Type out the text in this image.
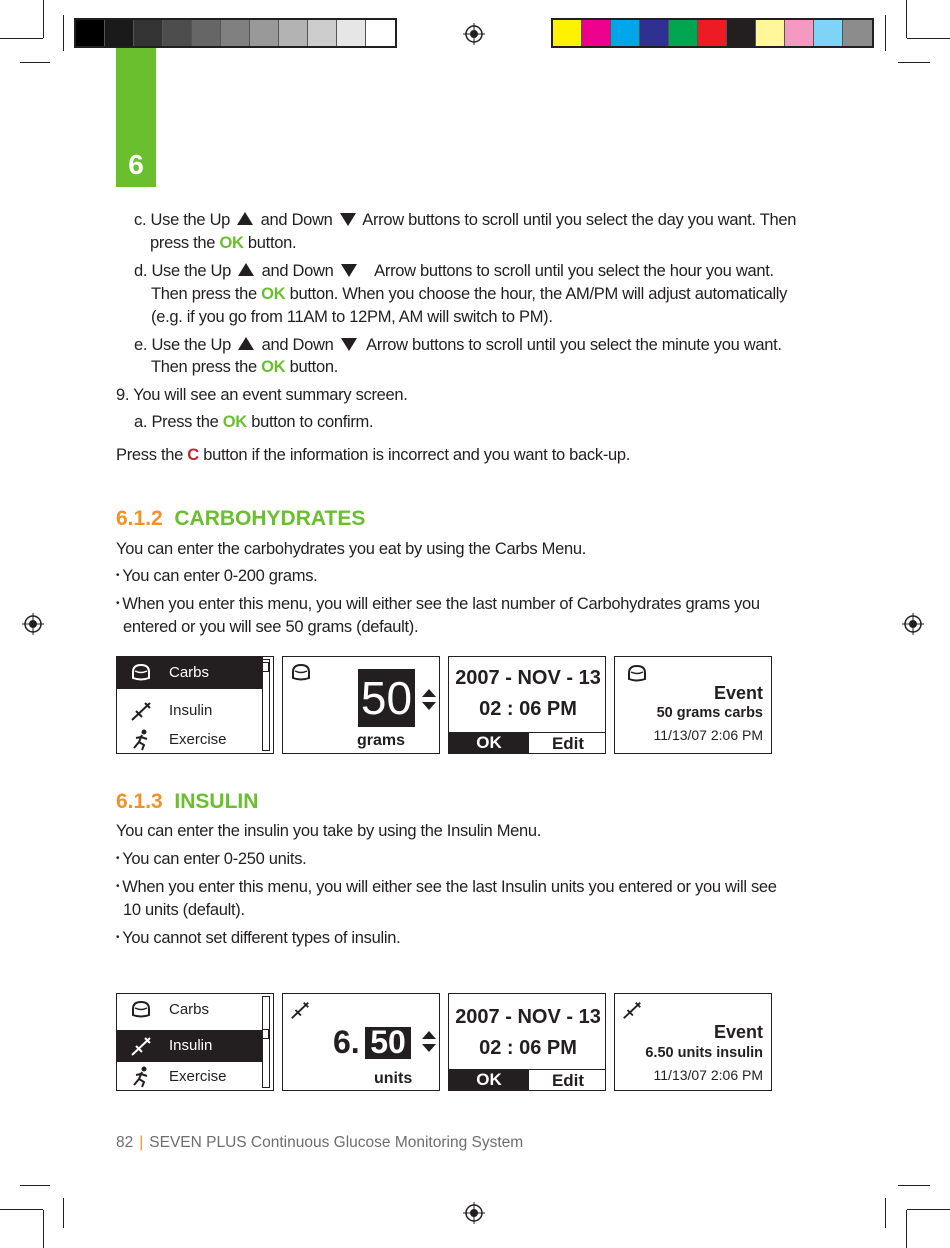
6
c. Use the Up and Down Arrow buttons to scroll until you select the day you want. Then
press the OK button.
d. Use the Up and Down Arrow buttons to scroll until you select the hour you want.
Then press the OK button. When you choose the hour, the AM/PM will adjust automatically
(e.g. if you go from 11AM to 12PM, AM will switch to PM).
e. Use the Up and Down Arrow buttons to scroll until you select the minute you want.
Then press the OK button.
9. You will see an event summary screen.
a. Press the OK button to confirm.
Press the C button if the information is incorrect and you want to back-up.
6.1.2 CARBOHYDRATES
You can enter the carbohydrates you eat by using the Carbs Menu.
• You can enter 0-200 grams.
• When you enter this menu, you will either see the last number of Carbohydrates grams you
entered or you will see 50 grams (default).
Carbs
Insulin
Exercise
50
grams
2007 - NOV - 13
02 : 06 PM
OK	Edit
Event
50 grams carbs
11/13/07 2:06 PM
6.1.3 INSULIN
You can enter the insulin you take by using the Insulin Menu.
• You can enter 0-250 units.
• When you enter this menu, you will either see the last Insulin units you entered or you will see
10 units (default).
• You cannot set different types of insulin.
Carbs
Insulin
Exercise
6. 50
units
2007 - NOV - 13
02 : 06 PM
OK	Edit
Event
6.50 units insulin
11/13/07 2:06 PM
82 | SEVEN PLUS Continuous Glucose Monitoring System
